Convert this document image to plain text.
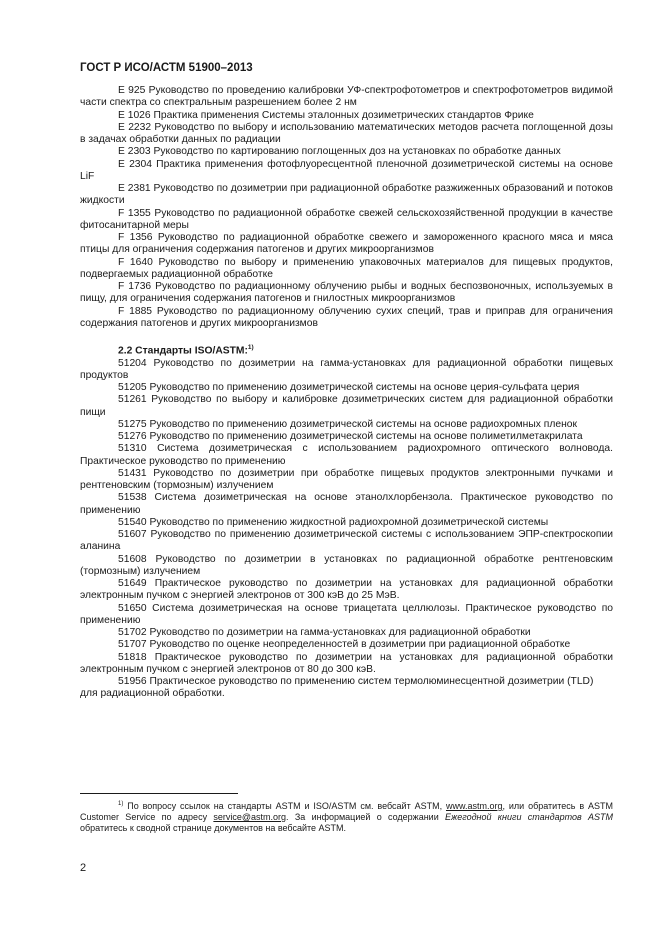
ГОСТ Р ИСО/АСТМ 51900–2013

E 925 Руководство по проведению калибровки УФ-спектрофотометров и спектрофотометров видимой части спектра со спектральным разрешением более 2 нм

E 1026 Практика применения Системы эталонных дозиметрических стандартов Фрике

E 2232 Руководство по выбору и использованию математических методов расчета поглощенной дозы в задачах обработки данных по радиации

E 2303 Руководство по картированию поглощенных доз на установках по обработке данных

E 2304 Практика применения фотофлуоресцентной пленочной дозиметрической системы на основе LiF

E 2381 Руководство по дозиметрии при радиационной обработке разжиженных образований и потоков жидкости

F 1355 Руководство по радиационной обработке свежей сельскохозяйственной продукции в качестве фитосанитарной меры

F 1356 Руководство по радиационной обработке свежего и замороженного красного мяса и мяса птицы для ограничения содержания патогенов и других микроорганизмов

F 1640 Руководство по выбору и применению упаковочных материалов для пищевых продуктов, подвергаемых радиационной обработке

F 1736 Руководство по радиационному облучению рыбы и водных беспозвоночных, используемых в пищу, для ограничения содержания патогенов и гнилостных микроорганизмов

F 1885 Руководство по радиационному облучению сухих специй, трав и приправ для ограничения содержания патогенов и других микроорганизмов

2.2 Стандарты ISO/ASTM:$^{1)}$

51204 Руководство по дозиметрии на гамма-установках для радиационной обработки пищевых продуктов

51205 Руководство по применению дозиметрической системы на основе церия-сульфата церия

51261 Руководство по выбору и калибровке дозиметрических систем для радиационной обработки пищи

51275 Руководство по применению дозиметрической системы на основе радиохромных пленок

51276 Руководство по применению дозиметрической системы на основе полиметилметакрилата

51310 Система дозиметрическая с использованием радиохромного оптического волновода. Практическое руководство по применению

51431 Руководство по дозиметрии при обработке пищевых продуктов электронными пучками и рентгеновским (тормозным) излучением

51538 Система дозиметрическая на основе этанолхлорбензола. Практическое руководство по применению

51540 Руководство по применению жидкостной радиохромной дозиметрической системы

51607 Руководство по применению дозиметрической системы с использованием ЭПР-спектроскопии аланина

51608 Руководство по дозиметрии в установках по радиационной обработке рентгеновским (тормозным) излучением

51649 Практическое руководство по дозиметрии на установках для радиационной обработки электронным пучком с энергией электронов от 300 кэВ до 25 МэВ.

51650 Система дозиметрическая на основе триацетата целлюлозы. Практическое руководство по применению

51702 Руководство по дозиметрии на гамма-установках для радиационной обработки

51707 Руководство по оценке неопределенностей в дозиметрии при радиационной обработке

51818 Практическое руководство по дозиметрии на установках для радиационной обработки электронным пучком с энергией электронов от 80 до 300 кэВ.

51956 Практическое руководство по применению систем термолюминесцентной дозиметрии (TLD) для радиационной обработки.

$^{1)}$ По вопросу ссылок на стандарты ASTM и ISO/ASTM см. вебсайт ASTM, www.astm.org, или обратитесь в ASTM Customer Service по адресу service@astm.org. За информацией о содержании Ежегодной книги стандартов ASTM обратитесь к сводной странице документов на вебсайте ASTM.
2
